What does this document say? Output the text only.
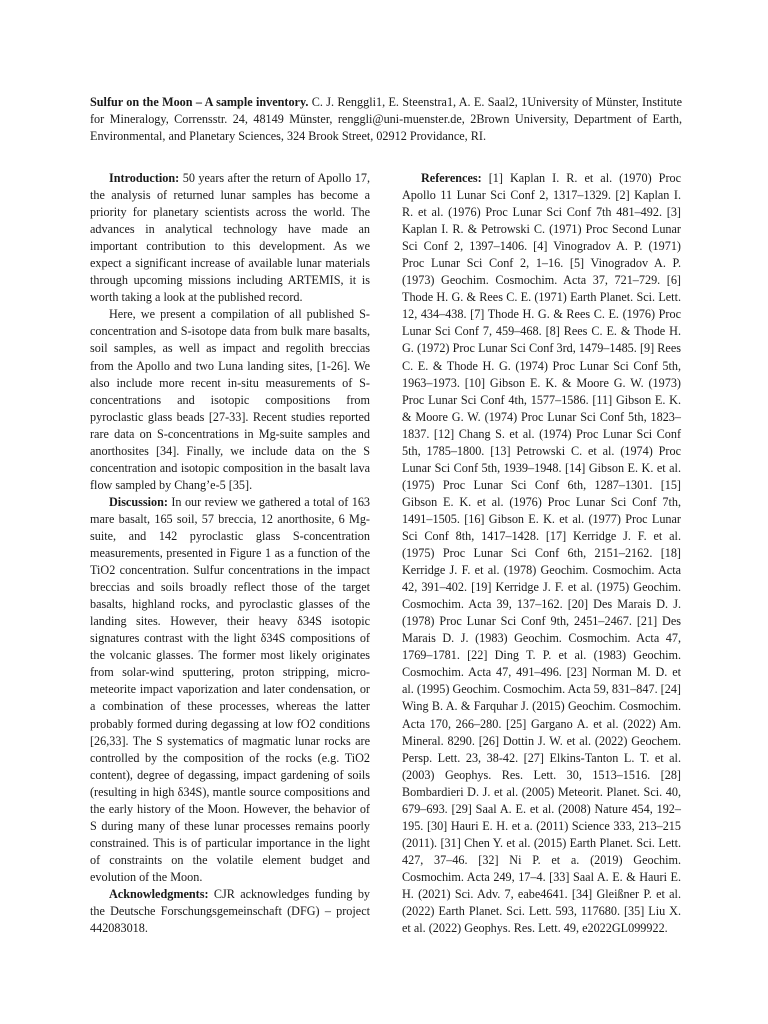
Sulfur on the Moon – A sample inventory. C. J. Renggli1, E. Steenstra1, A. E. Saal2, 1University of Münster, Institute for Mineralogy, Corrensstr. 24, 48149 Münster, renggli@uni-muenster.de, 2Brown University, Department of Earth, Environmental, and Planetary Sciences, 324 Brook Street, 02912 Providance, RI.

Introduction: 50 years after the return of Apollo 17, the analysis of returned lunar samples has become a priority for planetary scientists across the world. The advances in analytical technology have made an important contribution to this development. As we expect a significant increase of available lunar materials through upcoming missions including ARTEMIS, it is worth taking a look at the published record.

Here, we present a compilation of all published S-concentration and S-isotope data from bulk mare basalts, soil samples, as well as impact and regolith breccias from the Apollo and two Luna landing sites, [1-26]. We also include more recent in-situ measurements of S-concentrations and isotopic compositions from pyroclastic glass beads [27-33]. Recent studies reported rare data on S-concentrations in Mg-suite samples and anorthosites [34]. Finally, we include data on the S concentration and isotopic composition in the basalt lava flow sampled by Chang’e-5 [35].

Discussion: In our review we gathered a total of 163 mare basalt, 165 soil, 57 breccia, 12 anorthosite, 6 Mg-suite, and 142 pyroclastic glass S-concentration measurements, presented in Figure 1 as a function of the TiO2 concentration. Sulfur concentrations in the impact breccias and soils broadly reflect those of the target basalts, highland rocks, and pyroclastic glasses of the landing sites. However, their heavy δ34S isotopic signatures contrast with the light δ34S compositions of the volcanic glasses. The former most likely originates from solar-wind sputtering, proton stripping, micro-meteorite impact vaporization and later condensation, or a combination of these processes, whereas the latter probably formed during degassing at low fO2 conditions [26,33]. The S systematics of magmatic lunar rocks are controlled by the composition of the rocks (e.g. TiO2 content), degree of degassing, impact gardening of soils (resulting in high δ34S), mantle source compositions and the early history of the Moon. However, the behavior of S during many of these lunar processes remains poorly constrained. This is of particular importance in the light of constraints on the volatile element budget and evolution of the Moon.

Acknowledgments: CJR acknowledges funding by the Deutsche Forschungsgemeinschaft (DFG) – project 442083018.

References: [1] Kaplan I. R. et al. (1970) Proc Apollo 11 Lunar Sci Conf 2, 1317–1329. [2] Kaplan I. R. et al. (1976) Proc Lunar Sci Conf 7th 481–492. [3] Kaplan I. R. & Petrowski C. (1971) Proc Second Lunar Sci Conf 2, 1397–1406. [4] Vinogradov A. P. (1971) Proc Lunar Sci Conf 2, 1–16. [5] Vinogradov A. P. (1973) Geochim. Cosmochim. Acta 37, 721–729. [6] Thode H. G. & Rees C. E. (1971) Earth Planet. Sci. Lett. 12, 434–438. [7] Thode H. G. & Rees C. E. (1976) Proc Lunar Sci Conf 7, 459–468. [8] Rees C. E. & Thode H. G. (1972) Proc Lunar Sci Conf 3rd, 1479–1485. [9] Rees C. E. & Thode H. G. (1974) Proc Lunar Sci Conf 5th, 1963–1973. [10] Gibson E. K. & Moore G. W. (1973) Proc Lunar Sci Conf 4th, 1577–1586. [11] Gibson E. K. & Moore G. W. (1974) Proc Lunar Sci Conf 5th, 1823–1837. [12] Chang S. et al. (1974) Proc Lunar Sci Conf 5th, 1785–1800. [13] Petrowski C. et al. (1974) Proc Lunar Sci Conf 5th, 1939–1948. [14] Gibson E. K. et al. (1975) Proc Lunar Sci Conf 6th, 1287–1301. [15] Gibson E. K. et al. (1976) Proc Lunar Sci Conf 7th, 1491–1505. [16] Gibson E. K. et al. (1977) Proc Lunar Sci Conf 8th, 1417–1428. [17] Kerridge J. F. et al. (1975) Proc Lunar Sci Conf 6th, 2151–2162. [18] Kerridge J. F. et al. (1978) Geochim. Cosmochim. Acta 42, 391–402. [19] Kerridge J. F. et al. (1975) Geochim. Cosmochim. Acta 39, 137–162. [20] Des Marais D. J. (1978) Proc Lunar Sci Conf 9th, 2451–2467. [21] Des Marais D. J. (1983) Geochim. Cosmochim. Acta 47, 1769–1781. [22] Ding T. P. et al. (1983) Geochim. Cosmochim. Acta 47, 491–496. [23] Norman M. D. et al. (1995) Geochim. Cosmochim. Acta 59, 831–847. [24] Wing B. A. & Farquhar J. (2015) Geochim. Cosmochim. Acta 170, 266–280. [25] Gargano A. et al. (2022) Am. Mineral. 8290. [26] Dottin J. W. et al. (2022) Geochem. Persp. Lett. 23, 38-42. [27] Elkins-Tanton L. T. et al. (2003) Geophys. Res. Lett. 30, 1513–1516. [28] Bombardieri D. J. et al. (2005) Meteorit. Planet. Sci. 40, 679–693. [29] Saal A. E. et al. (2008) Nature 454, 192–195. [30] Hauri E. H. et a. (2011) Science 333, 213–215 (2011). [31] Chen Y. et al. (2015) Earth Planet. Sci. Lett. 427, 37–46. [32] Ni P. et a. (2019) Geochim. Cosmochim. Acta 249, 17–4. [33] Saal A. E. & Hauri E. H. (2021) Sci. Adv. 7, eabe4641. [34] Gleißner P. et al. (2022) Earth Planet. Sci. Lett. 593, 117680. [35] Liu X. et al. (2022) Geophys. Res. Lett. 49, e2022GL099922.
